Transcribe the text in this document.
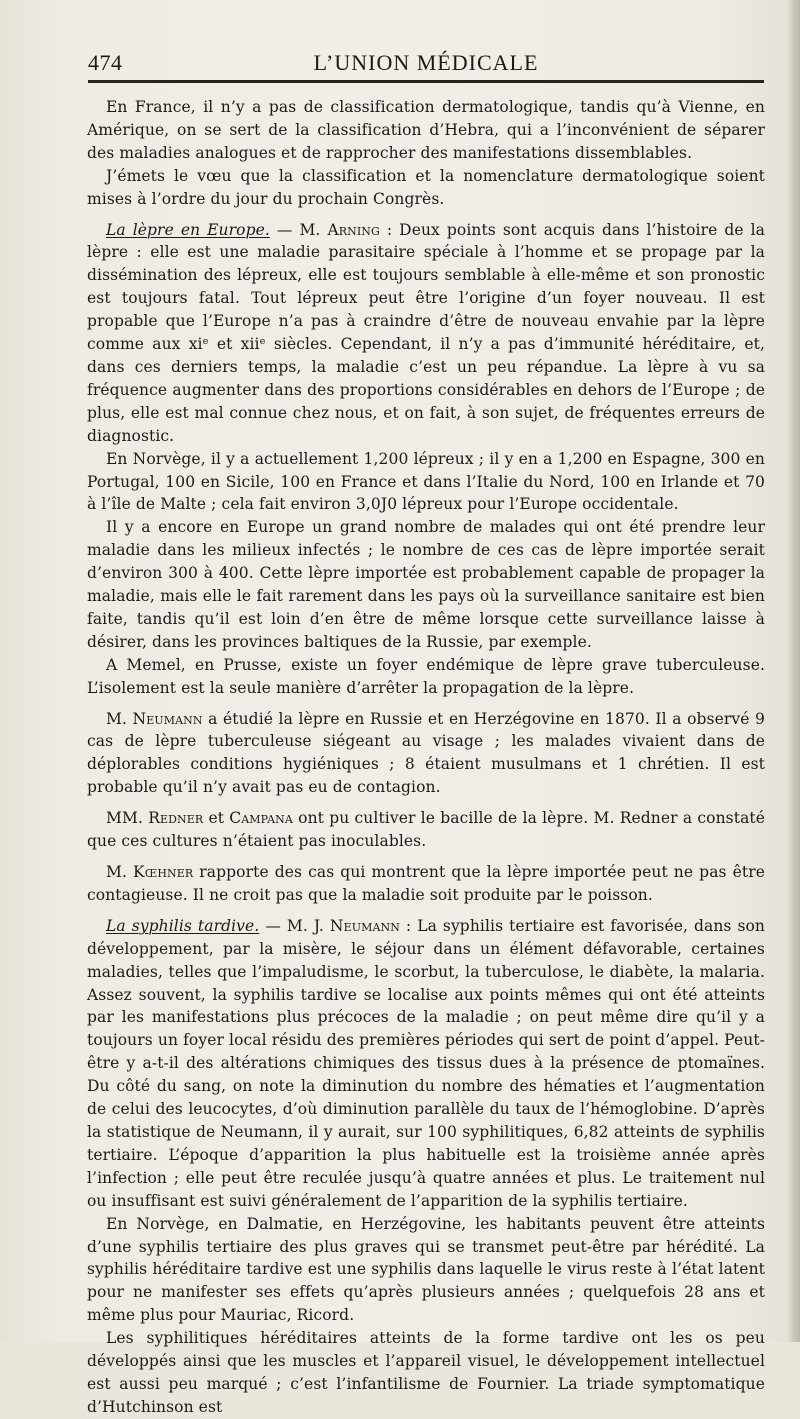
474	L’UNION MÉDICALE

En France, il n’y a pas de classification dermatologique, tandis qu’à Vienne, en Amérique, on se sert de la classification d’Hebra, qui a l’inconvénient de séparer des maladies analogues et de rapprocher des manifestations dissemblables.

J’émets le vœu que la classification et la nomenclature dermatologique soient mises à l’ordre du jour du prochain Congrès.

La lèpre en Europe. — M. Arning : Deux points sont acquis dans l’histoire de la lèpre : elle est une maladie parasitaire spéciale à l’homme et se propage par la dissémination des lépreux, elle est toujours semblable à elle-même et son pronostic est toujours fatal. Tout lépreux peut être l’origine d’un foyer nouveau. Il est propable que l’Europe n’a pas à craindre d’être de nouveau envahie par la lèpre comme aux xiᵉ et xiiᵉ siècles. Cependant, il n’y a pas d’immunité héréditaire, et, dans ces derniers temps, la maladie c’est un peu répandue. La lèpre à vu sa fréquence augmenter dans des proportions considérables en dehors de l’Europe ; de plus, elle est mal connue chez nous, et on fait, à son sujet, de fréquentes erreurs de diagnostic.

En Norvège, il y a actuellement 1,200 lépreux ; il y en a 1,200 en Espagne, 300 en Portugal, 100 en Sicile, 100 en France et dans l’Italie du Nord, 100 en Irlande et 70 à l’île de Malte ; cela fait environ 3,0J0 lépreux pour l’Europe occidentale.

Il y a encore en Europe un grand nombre de malades qui ont été prendre leur maladie dans les milieux infectés ; le nombre de ces cas de lèpre importée serait d’environ 300 à 400. Cette lèpre importée est probablement capable de propager la maladie, mais elle le fait rarement dans les pays où la surveillance sanitaire est bien faite, tandis qu’il est loin d’en être de même lorsque cette surveillance laisse à désirer, dans les provinces baltiques de la Russie, par exemple.

A Memel, en Prusse, existe un foyer endémique de lèpre grave tuberculeuse. L’isolement est la seule manière d’arrêter la propagation de la lèpre.

M. Neumann a étudié la lèpre en Russie et en Herzégovine en 1870. Il a observé 9 cas de lèpre tuberculeuse siégeant au visage ; les malades vivaient dans de déplorables conditions hygiéniques ; 8 étaient musulmans et 1 chrétien. Il est probable qu’il n’y avait pas eu de contagion.

MM. Redner et Campana ont pu cultiver le bacille de la lèpre. M. Redner a constaté que ces cultures n’étaient pas inoculables.

M. Kœhner rapporte des cas qui montrent que la lèpre importée peut ne pas être contagieuse. Il ne croit pas que la maladie soit produite par le poisson.

La syphilis tardive. — M. J. Neumann : La syphilis tertiaire est favorisée, dans son développement, par la misère, le séjour dans un élément défavorable, certaines maladies, telles que l’impaludisme, le scorbut, la tuberculose, le diabète, la malaria. Assez souvent, la syphilis tardive se localise aux points mêmes qui ont été atteints par les manifestations plus précoces de la maladie ; on peut même dire qu’il y a toujours un foyer local résidu des premières périodes qui sert de point d’appel. Peut-être y a-t-il des altérations chimiques des tissus dues à la présence de ptomaïnes. Du côté du sang, on note la diminution du nombre des hématies et l’augmentation de celui des leucocytes, d’où diminution parallèle du taux de l’hémoglobine. D’après la statistique de Neumann, il y aurait, sur 100 syphilitiques, 6,82 atteints de syphilis tertiaire. L’époque d’apparition la plus habituelle est la troisième année après l’infection ; elle peut être reculée jusqu’à quatre années et plus. Le traitement nul ou insuffisant est suivi généralement de l’apparition de la syphilis tertiaire.

En Norvège, en Dalmatie, en Herzégovine, les habitants peuvent être atteints d’une syphilis tertiaire des plus graves qui se transmet peut-être par hérédité. La syphilis héréditaire tardive est une syphilis dans laquelle le virus reste à l’état latent pour ne manifester ses effets qu’après plusieurs années ; quelquefois 28 ans et même plus pour Mauriac, Ricord.

Les syphilitiques héréditaires atteints de la forme tardive ont les os peu développés ainsi que les muscles et l’appareil visuel, le développement intellectuel est aussi peu marqué ; c’est l’infantilisme de Fournier. La triade symptomatique d’Hutchinson est
